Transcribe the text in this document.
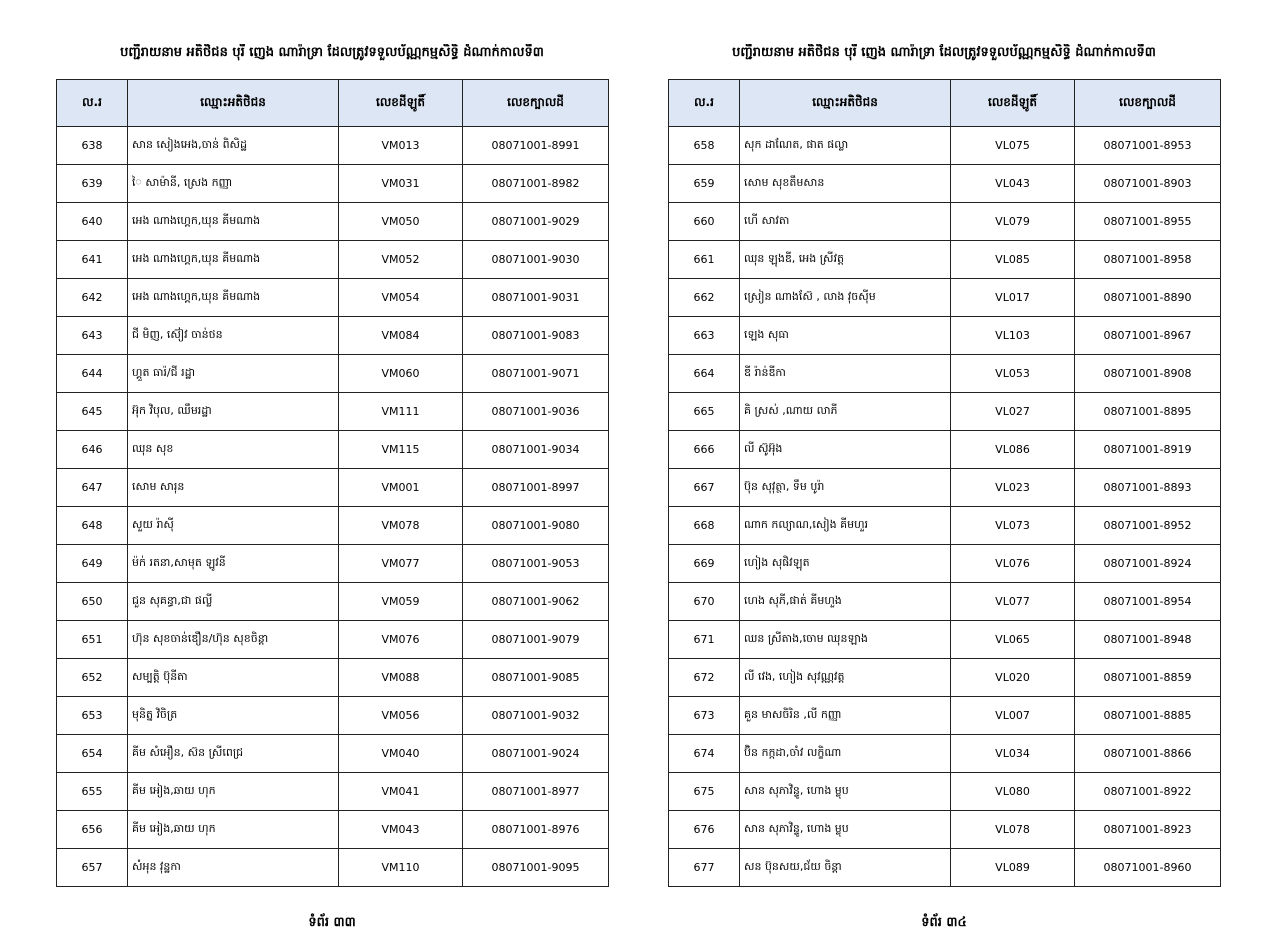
បញ្ជីរាយនាម អតិថិជន បុរី ញេង ណារ៉ាទ្រា ដែលត្រូវទទួលប័ណ្ណកម្មសិទ្ធិ ដំណាក់កាលទី៣
ល.រ	ឈ្មោះអតិថិជន	លេខដីឡូតិ៍	លេខក្បាលដី
638	សាន សៀងអេង,ចាន់ ពិសិដ្ឋ	VM013	08071001-8991
639	ៃ សាម៉ានី, ស្រេង កញ្ញា	VM031	08071001-8982
640	អេង ណាងហ្គេក,ឃុន គីមណាង	VM050	08071001-9029
641	អេង ណាងហ្គេក,ឃុន គីមណាង	VM052	08071001-9030
642	អេង ណាងហ្គេក,ឃុន គីមណាង	VM054	08071001-9031
643	ជី មិញ, ស៊ៀវ ចាន់ថន	VM084	08071001-9083
644	ហ្គួត ធារ៉/ជី រដ្ឋា	VM060	08071001-9071
645	អ៊ុក វិបុល, ឈឹមរដ្ឋា	VM111	08071001-9036
646	ឈុន សុខ	VM115	08071001-9034
647	សោម សារុន	VM001	08071001-8997
648	សួយ រ៉ាស៊ី	VM078	08071001-9080
649	ម៉ក់ រតនា,សាមុត ឡូវនី	VM077	08071001-9053
650	ជួន សុគន្ធា,ជា ផល្លី	VM059	08071001-9062
651	ហ៊ុន សុខចាន់ឌឿន/ហ៊ុន សុខចិន្ដា	VM076	08071001-9079
652	សម្បត្ដិ ប៊ុនីតា	VM088	08071001-9085
653	មុនិត្ន វិចិត្រ	VM056	08071001-9032
654	គីម សំអឿន, ស៊ន ស្រីពេជ្រ	VM040	08071001-9024
655	គីម អៀង,ឆាយ ហុក	VM041	08071001-8977
656	គីម អៀង,ឆាយ ហុក	VM043	08071001-8976
657	សំអុន វុន្ឋកា	VM110	08071001-9095
ទំព័រ ៣៣
បញ្ជីរាយនាម អតិថិជន បុរី ញេង ណារ៉ាទ្រា ដែលត្រូវទទួលប័ណ្ណកម្មសិទ្ធិ ដំណាក់កាលទី៣
ល.រ	ឈ្មោះអតិថិជន	លេខដីឡូតិ៍	លេខក្បាលដី
658	សុក ដាណែត, ផាត ផល្លា	VL075	08071001-8953
659	សោម សុខតឹមសាន	VL043	08071001-8903
660	ហើ សាវតា	VL079	08071001-8955
661	ឈុន ឡុងឌី, អេង ស្រីវត្ដ	VL085	08071001-8958
662	ស្រៀន ណាងស៊ែ , លាង វុចស៊ីម	VL017	08071001-8890
663	ឡេង សុធា	VL103	08071001-8967
664	ឌី រ៉ាន់ឌីកា	VL053	08071001-8908
665	គិ ស្រស់ ,ណាយ លាភី	VL027	08071001-8895
666	លី ស៊ូអ៊ុង	VL086	08071001-8919
667	ប៊ុន សុវុត្ថា, ទឹម បូរ៉ា	VL023	08071001-8893
668	ណាក កល្យាណ,សៀង គីមហួរ	VL073	08071001-8952
669	ហៀង សុផិវឡុត	VL076	08071001-8924
670	ហេង សុភី,ផាត់ គីមហួង	VL077	08071001-8954
671	ឈន ស្រីតាង,ចោម ឈុនឡាង	VL065	08071001-8948
672	លី វេង, ហៀង សុវណ្ណវត្ដ	VL020	08071001-8859
673	គួន មាសចិរិន ,លី កញ្ញា	VL007	08071001-8885
674	ប៊ិន កក្កដា,ចាំវ លក្ខិណា	VL034	08071001-8866
675	សាន សុភាវិន្ទូ, ហោង ម្លុប	VL080	08071001-8922
676	សាន សុភាវិន្ទូ, ហោង ម្លុប	VL078	08071001-8923
677	សន ប៊ុនសយ,ជ័យ ចិន្ដា	VL089	08071001-8960
ទំព័រ ៣៤
